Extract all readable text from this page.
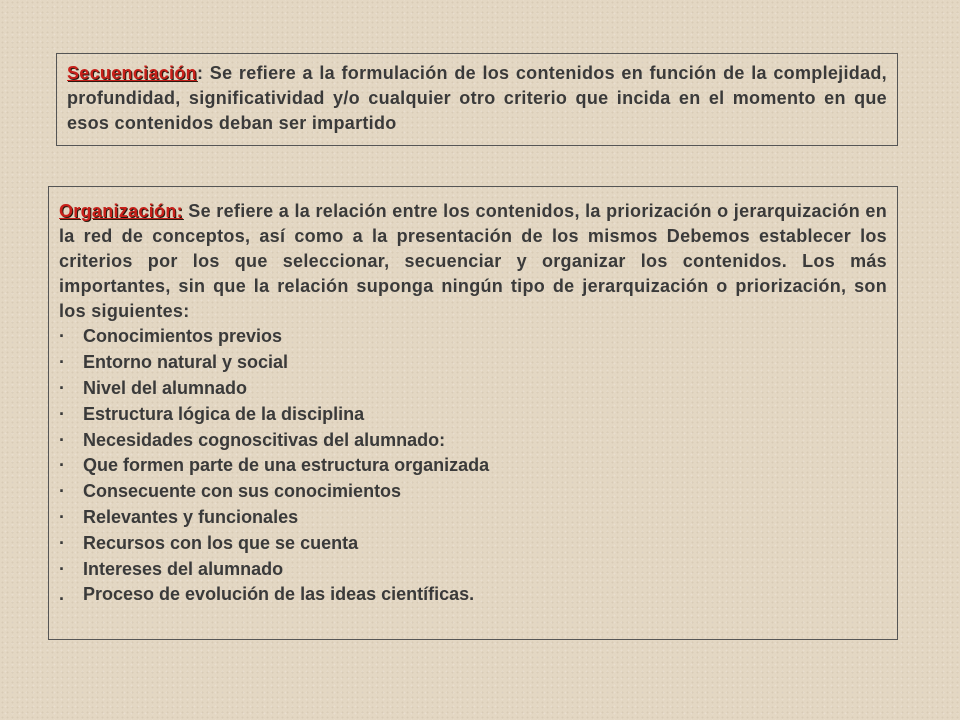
Secuenciación: Se refiere a la formulación de los contenidos en función de la complejidad, profundidad, significatividad y/o cualquier otro criterio que incida en el momento en que esos contenidos deban ser impartido
Organización: Se refiere a la relación entre los contenidos, la priorización o jerarquización en la red de conceptos, así como a la presentación de los mismos Debemos establecer los criterios por los que seleccionar, secuenciar y organizar los contenidos. Los más importantes, sin que la relación suponga ningún tipo de jerarquización o priorización, son los siguientes:
·	Conocimientos previos
·	Entorno natural y social
·	Nivel del alumnado
·	Estructura lógica de la disciplina
·	Necesidades cognoscitivas del alumnado:
·	Que formen parte de una estructura organizada
·	Consecuente con sus conocimientos
·	Relevantes y funcionales
·	Recursos con los que se cuenta
·	Intereses del alumnado
.	Proceso de evolución de las ideas científicas.
